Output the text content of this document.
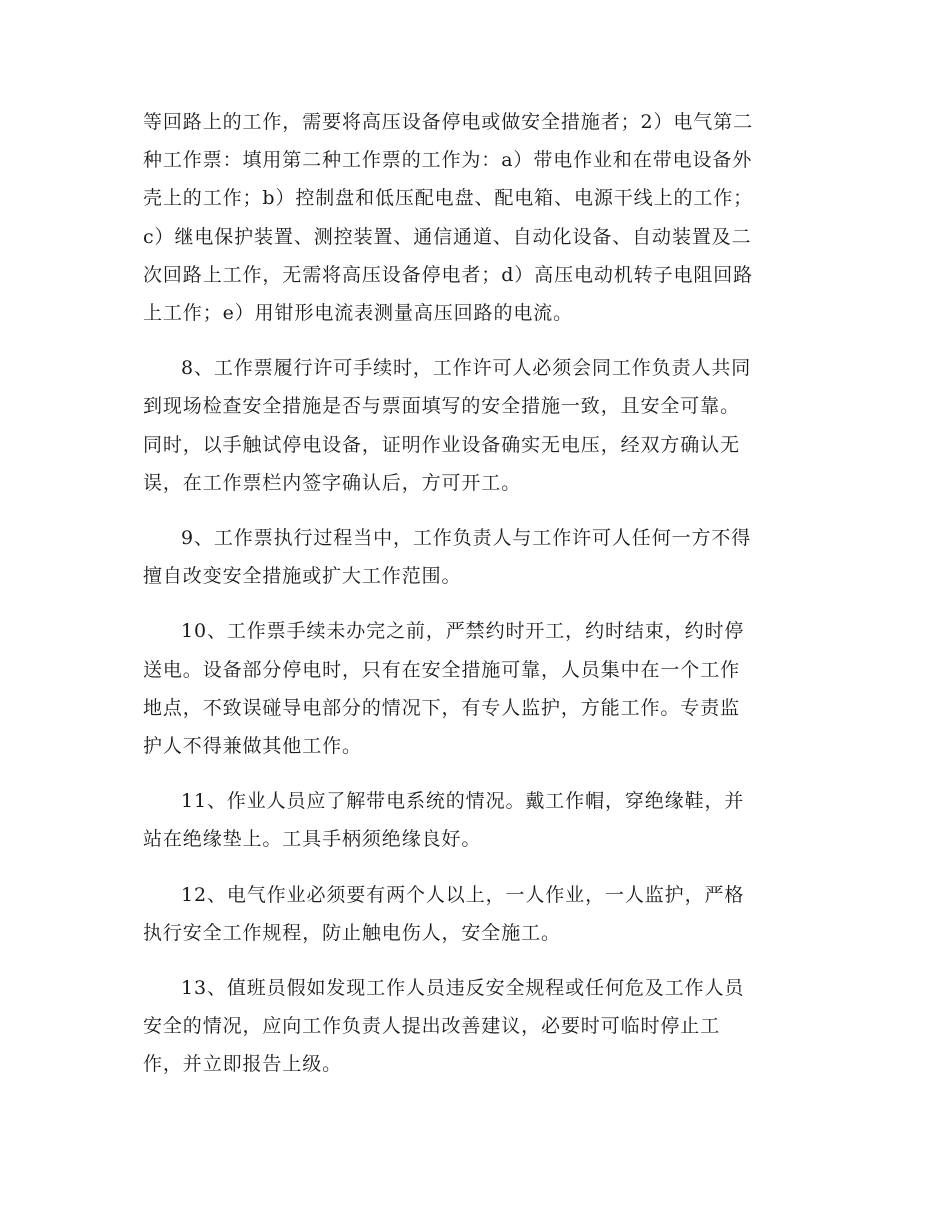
等回路上的工作，需要将高压设备停电或做安全措施者；2）电气第二
种工作票：填用第二种工作票的工作为：a）带电作业和在带电设备外
壳上的工作；b）控制盘和低压配电盘、配电箱、电源干线上的工作；
c）继电保护装置、测控装置、通信通道、自动化设备、自动装置及二
次回路上工作，无需将高压设备停电者；d）高压电动机转子电阻回路
上工作；e）用钳形电流表测量高压回路的电流。
8、工作票履行许可手续时，工作许可人必须会同工作负责人共同
到现场检查安全措施是否与票面填写的安全措施一致，且安全可靠。
同时，以手触试停电设备，证明作业设备确实无电压，经双方确认无
误，在工作票栏内签字确认后，方可开工。
9、工作票执行过程当中，工作负责人与工作许可人任何一方不得
擅自改变安全措施或扩大工作范围。
10、工作票手续未办完之前，严禁约时开工，约时结束，约时停
送电。设备部分停电时，只有在安全措施可靠，人员集中在一个工作
地点，不致误碰导电部分的情况下，有专人监护，方能工作。专责监
护人不得兼做其他工作。
11、作业人员应了解带电系统的情况。戴工作帽，穿绝缘鞋，并
站在绝缘垫上。工具手柄须绝缘良好。
12、电气作业必须要有两个人以上，一人作业，一人监护，严格
执行安全工作规程，防止触电伤人，安全施工。
13、值班员假如发现工作人员违反安全规程或任何危及工作人员
安全的情况，应向工作负责人提出改善建议，必要时可临时停止工
作，并立即报告上级。
